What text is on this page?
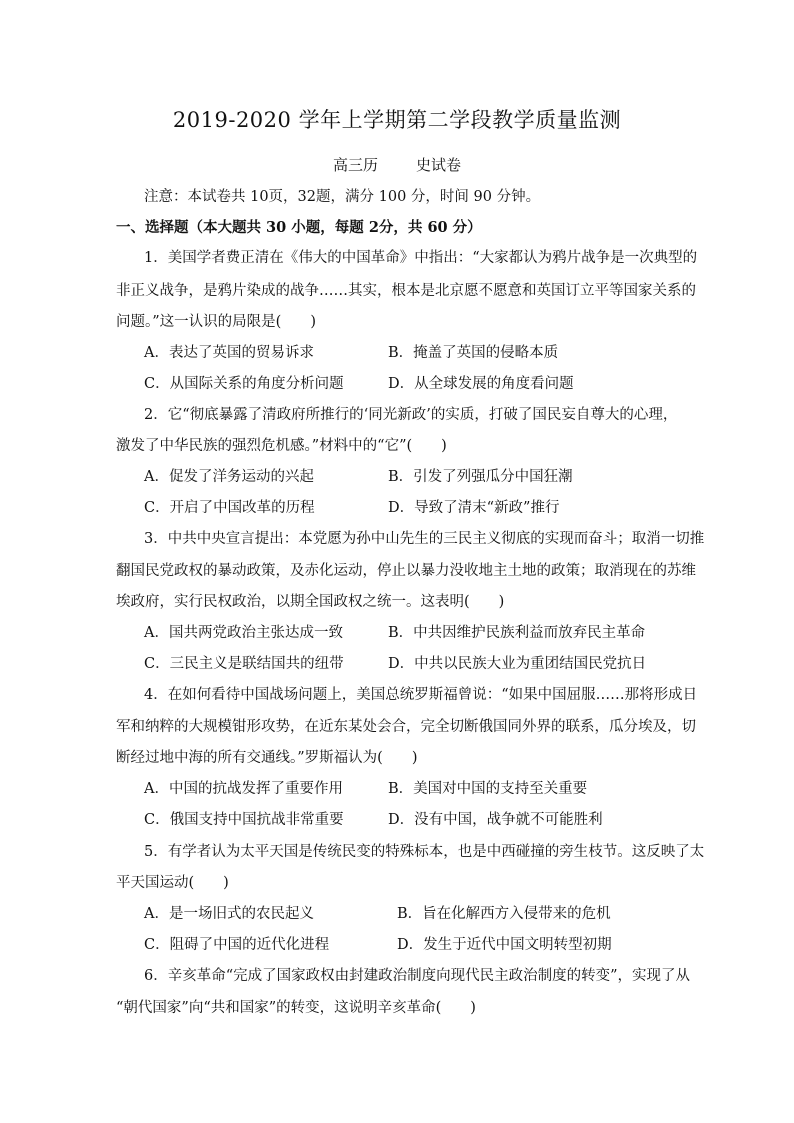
2019-2020 学年上学期第二学段教学质量监测
高三历	史试卷
注意：本试卷共 10页，32题，满分 100 分，时间 90 分钟。
一、选择题（本大题共 30 小题，每题 2分，共 60 分）
1．美国学者费正清在《伟大的中国革命》中指出：“大家都认为鸦片战争是一次典型的
非正义战争，是鸦片染成的战争……其实，根本是北京愿不愿意和英国订立平等国家关系的
问题。”这一认识的局限是(　　)
A．表达了英国的贸易诉求	B．掩盖了英国的侵略本质
C．从国际关系的角度分析问题	D．从全球发展的角度看问题
2．它“彻底暴露了清政府所推行的‘同光新政’的实质，打破了国民妄自尊大的心理，
激发了中华民族的强烈危机感。”材料中的“它”(　　)
A．促发了洋务运动的兴起	B．引发了列强瓜分中国狂潮
C．开启了中国改革的历程	D．导致了清末“新政”推行
3．中共中央宣言提出：本党愿为孙中山先生的三民主义彻底的实现而奋斗；取消一切推
翻国民党政权的暴动政策，及赤化运动，停止以暴力没收地主土地的政策；取消现在的苏维
埃政府，实行民权政治，以期全国政权之统一。这表明(　　)
A．国共两党政治主张达成一致	B．中共因维护民族利益而放弃民主革命
C．三民主义是联结国共的纽带	D．中共以民族大业为重团结国民党抗日
4．在如何看待中国战场问题上，美国总统罗斯福曾说：“如果中国屈服……那将形成日
军和纳粹的大规模钳形攻势，在近东某处会合，完全切断俄国同外界的联系，瓜分埃及，切
断经过地中海的所有交通线。”罗斯福认为(　　)
A．中国的抗战发挥了重要作用	B．美国对中国的支持至关重要
C．俄国支持中国抗战非常重要	D．没有中国，战争就不可能胜利
5．有学者认为太平天国是传统民变的特殊标本，也是中西碰撞的旁生枝节。这反映了太
平天国运动(　　)
A．是一场旧式的农民起义	B．旨在化解西方入侵带来的危机
C．阻碍了中国的近代化进程	D．发生于近代中国文明转型初期
6．辛亥革命“完成了国家政权由封建政治制度向现代民主政治制度的转变”，实现了从
“朝代国家”向“共和国家”的转变，这说明辛亥革命(　　)
